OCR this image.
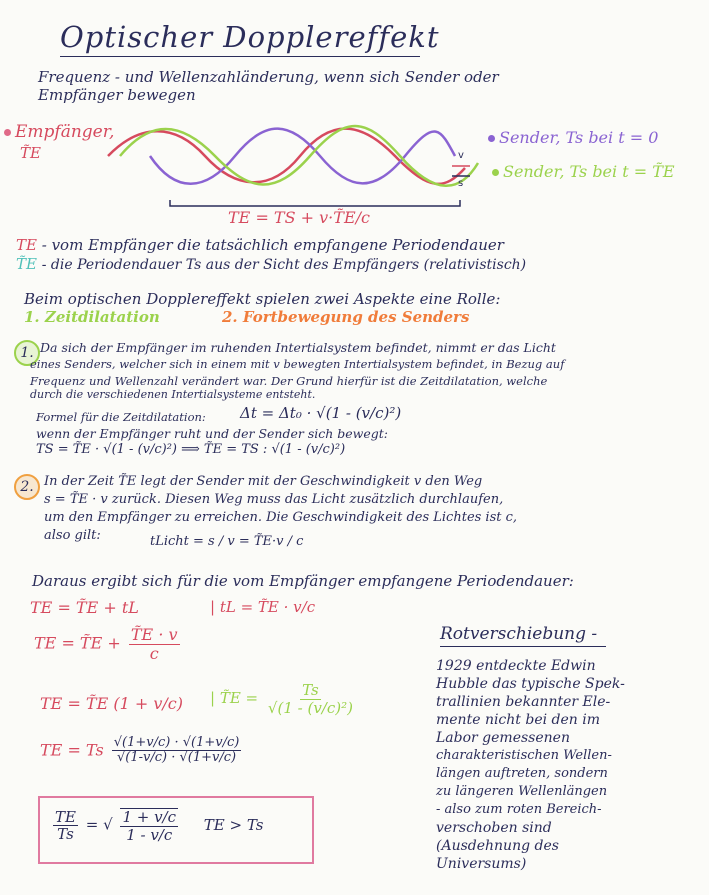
Optischer Dopplereffekt
Frequenz - und Wellenzahländerung, wenn sich Sender oder
Empfänger bewegen
Empfänger,
T̃E	v
s
Sender, Ts bei t = 0
Sender, Ts bei t = T̃E
TE = TS + v·T̃E/c
TE - vom Empfänger die tatsächlich empfangene Periodendauer
T̃E - die Periodendauer Ts aus der Sicht des Empfängers (relativistisch)
Beim optischen Dopplereffekt spielen zwei Aspekte eine Rolle:
1. Zeitdilatation	2. Fortbewegung des Senders
1. Da sich der Empfänger im ruhenden Intertialsystem befindet, nimmt er das Licht
eines Senders, welcher sich in einem mit v bewegten Intertialsystem befindet, in Bezug auf
Frequenz und Wellenzahl verändert war. Der Grund hierfür ist die Zeitdilatation, welche
durch die verschiedenen Intertialsysteme entsteht.
Formel für die Zeitdilatation: Δt = Δt₀ · √(1 - (v/c)²)
wenn der Empfänger ruht und der Sender sich bewegt:
TS = T̃E · √(1 - (v/c)²) ⟹ T̃E = TS : √(1 - (v/c)²)
2. In der Zeit T̃E legt der Sender mit der Geschwindigkeit v den Weg
s = T̃E · v zurück. Diesen Weg muss das Licht zusätzlich durchlaufen,
um den Empfänger zu erreichen. Die Geschwindigkeit des Lichtes ist c,
also gilt:	tLicht = s / v = T̃E·v / c
Daraus ergibt sich für die vom Empfänger empfangene Periodendauer:
TE = T̃E + tL	| tL = T̃E · v/c
TE = T̃E + $\frac{T̃E \cdot v}{c}$
TE = T̃E (1 + v/c) | T̃E = $\frac{Ts}{\text{√(1 - (v/c)²)}}$
TE = Ts $\frac{√(1+v/c) \cdot √(1+v/c)}{√(1-v/c) \cdot √(1+v/c)}$
$\frac{TE}{Ts}$ = √ $\frac{1 + v/c}{1 - v/c}$ TE > Ts
Rotverschiebung -
1929 entdeckte Edwin
Hubble das typische Spek-
trallinien bekannter Ele-
mente nicht bei den im
Labor gemessenen
charakteristischen Wellen-
längen auftreten, sondern
zu längeren Wellenlängen
- also zum roten Bereich-
verschoben sind
(Ausdehnung des
Universums)
